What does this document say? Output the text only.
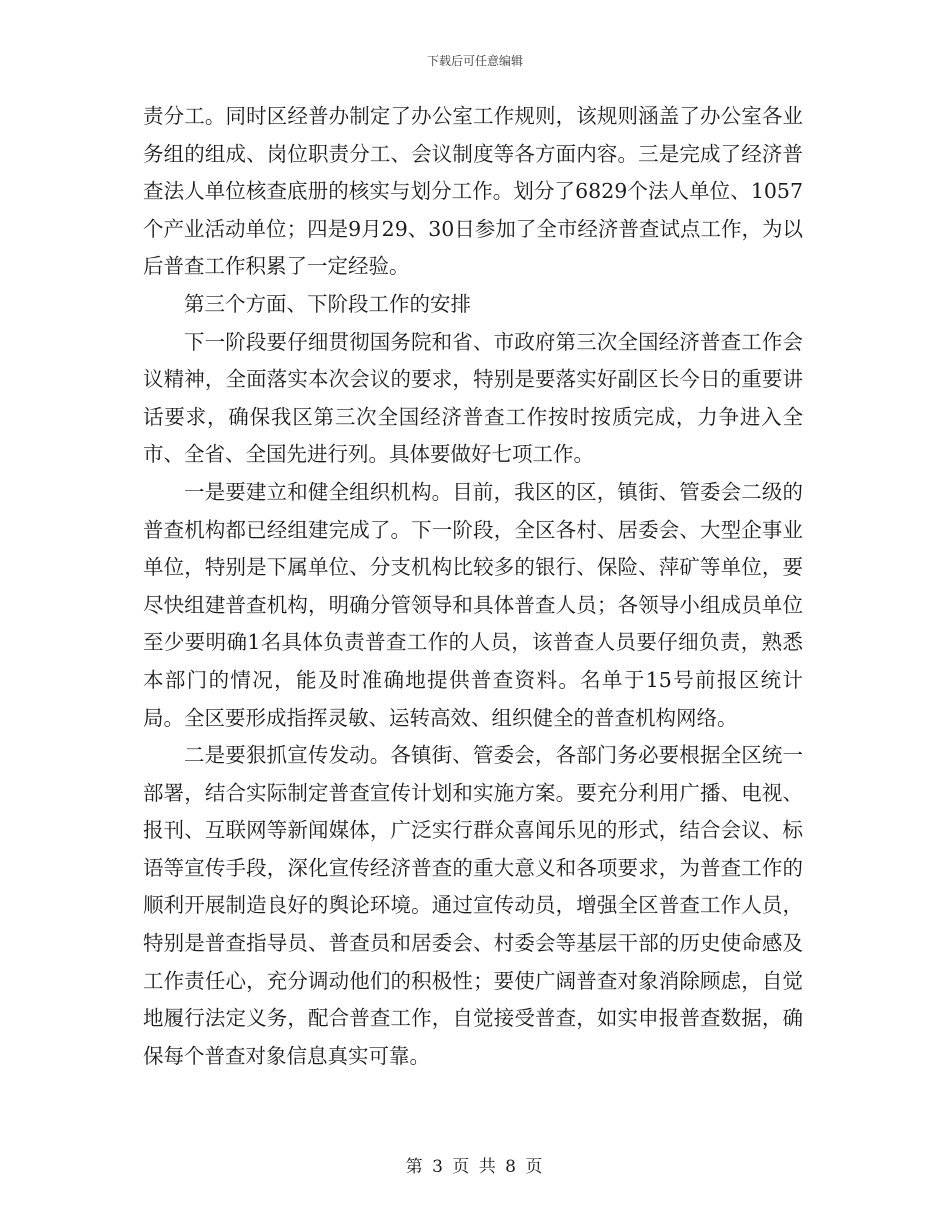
下载后可任意编辑

责分工。同时区经普办制定了办公室工作规则，该规则涵盖了办公室各业务组的组成、岗位职责分工、会议制度等各方面内容。三是完成了经济普查法人单位核查底册的核实与划分工作。划分了6829个法人单位、1057个产业活动单位；四是9月29、30日参加了全市经济普查试点工作，为以后普查工作积累了一定经验。

第三个方面、下阶段工作的安排

下一阶段要仔细贯彻国务院和省、市政府第三次全国经济普查工作会议精神，全面落实本次会议的要求，特别是要落实好副区长今日的重要讲话要求，确保我区第三次全国经济普查工作按时按质完成，力争进入全市、全省、全国先进行列。具体要做好七项工作。

一是要建立和健全组织机构。目前，我区的区，镇街、管委会二级的普查机构都已经组建完成了。下一阶段，全区各村、居委会、大型企事业单位，特别是下属单位、分支机构比较多的银行、保险、萍矿等单位，要尽快组建普查机构，明确分管领导和具体普查人员；各领导小组成员单位至少要明确1名具体负责普查工作的人员，该普查人员要仔细负责，熟悉本部门的情况，能及时准确地提供普查资料。名单于15号前报区统计局。全区要形成指挥灵敏、运转高效、组织健全的普查机构网络。

二是要狠抓宣传发动。各镇街、管委会，各部门务必要根据全区统一部署，结合实际制定普查宣传计划和实施方案。要充分利用广播、电视、报刊、互联网等新闻媒体，广泛实行群众喜闻乐见的形式，结合会议、标语等宣传手段，深化宣传经济普查的重大意义和各项要求，为普查工作的顺利开展制造良好的舆论环境。通过宣传动员，增强全区普查工作人员，特别是普查指导员、普查员和居委会、村委会等基层干部的历史使命感及工作责任心，充分调动他们的积极性；要使广阔普查对象消除顾虑，自觉地履行法定义务，配合普查工作，自觉接受普查，如实申报普查数据，确保每个普查对象信息真实可靠。

第 3 页 共 8 页
